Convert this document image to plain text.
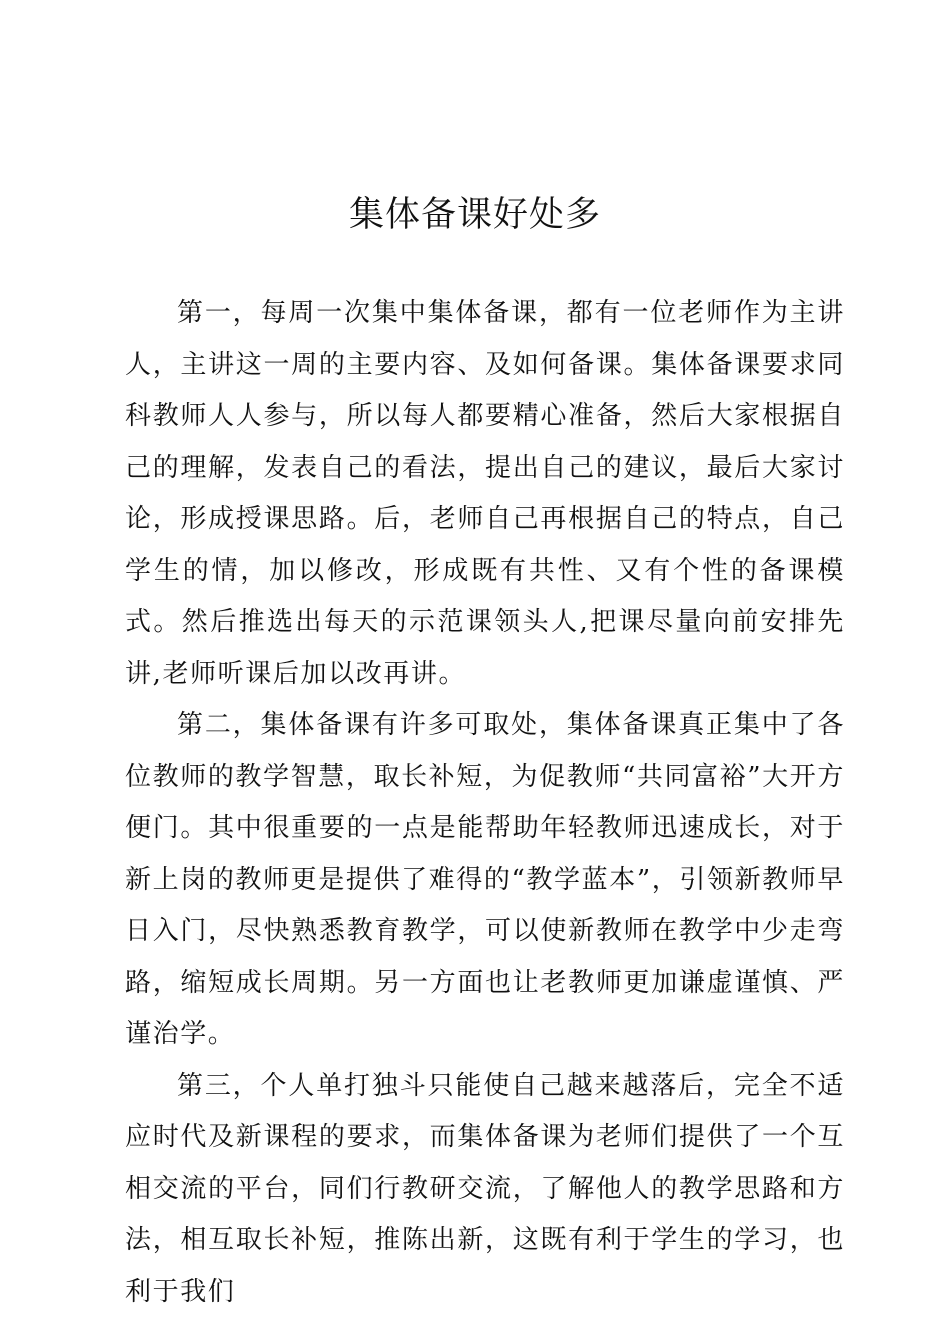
集体备课好处多

第一，每周一次集中集体备课，都有一位老师作为主讲人，主讲这一周的主要内容、及如何备课。集体备课要求同科教师人人参与，所以每人都要精心准备，然后大家根据自己的理解，发表自己的看法，提出自己的建议，最后大家讨论，形成授课思路。后，老师自己再根据自己的特点，自己学生的情，加以修改，形成既有共性、又有个性的备课模式。然后推选出每天的示范课领头人,把课尽量向前安排先讲,老师听课后加以改再讲。

第二，集体备课有许多可取处，集体备课真正集中了各位教师的教学智慧，取长补短，为促教师“共同富裕”大开方便门。其中很重要的一点是能帮助年轻教师迅速成长，对于新上岗的教师更是提供了难得的“教学蓝本”，引领新教师早日入门，尽快熟悉教育教学，可以使新教师在教学中少走弯路，缩短成长周期。另一方面也让老教师更加谦虚谨慎、严谨治学。

第三，个人单打独斗只能使自己越来越落后，完全不适应时代及新课程的要求，而集体备课为老师们提供了一个互相交流的平台，同们行教研交流，了解他人的教学思路和方法，相互取长补短，推陈出新，这既有利于学生的学习，也利于我们
